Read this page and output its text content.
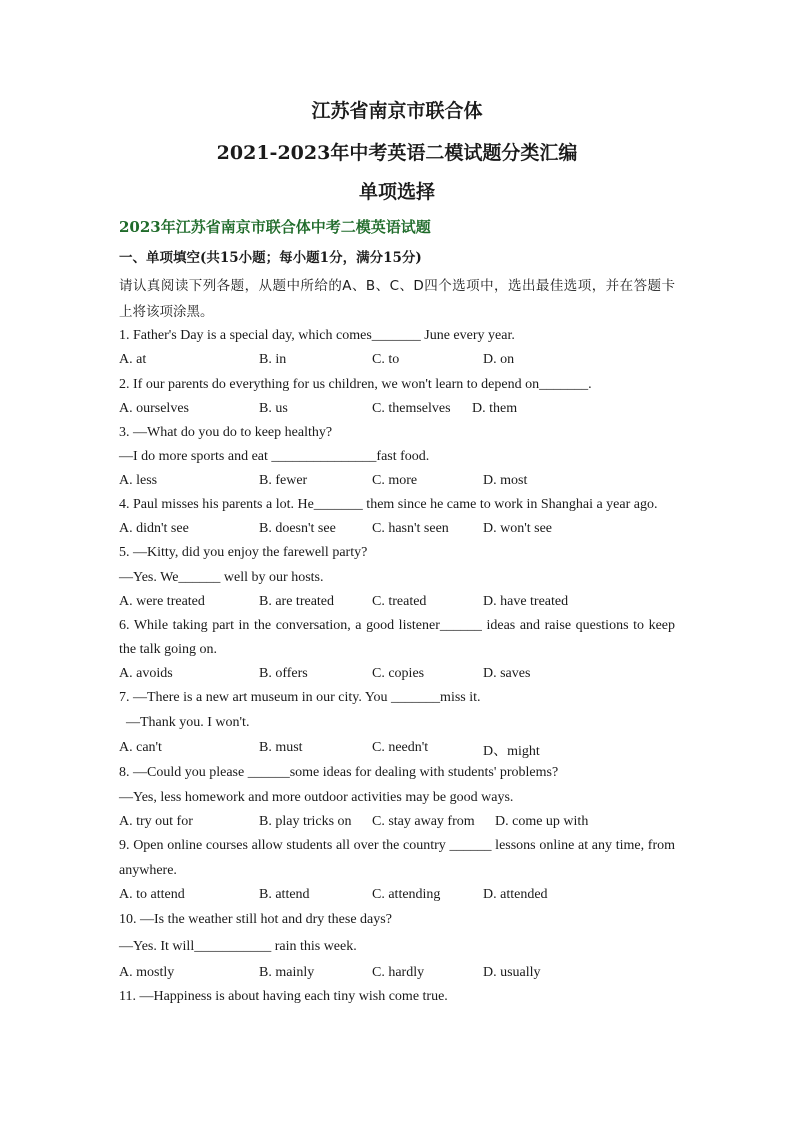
江苏省南京市联合体
2021-2023年中考英语二模试题分类汇编
单项选择
2023年江苏省南京市联合体中考二模英语试题
一、单项填空(共15小题；每小题1分，满分15分)
请认真阅读下列各题，从题中所给的A、B、C、D四个选项中，选出最佳选项，并在答题卡
上将该项涂黑。
1. Father's Day is a special day, which comes_______ June every year.
A. at	B. in	C. to	D. on
2. If our parents do everything for us children, we won't learn to depend on_______.
A. ourselves	B. us	C. themselves D. them
3. —What do you do to keep healthy?
—I do more sports and eat _______________fast food.
A. less	B. fewer	C. more	D. most
4. Paul misses his parents a lot. He_______ them since he came to work in Shanghai a year ago.
A. didn't see	B. doesn't see	C. hasn't seen D. won't see
5. —Kitty, did you enjoy the farewell party?
—Yes. We______ well by our hosts.
A. were treated	B. are treated	C. treated	D. have treated
6. While taking part in the conversation, a good listener______ ideas and raise questions to keep
the talk going on.
A. avoids	B. offers	C. copies	D. saves
7. —There is a new art museum in our city. You _______miss it.
—Thank you. I won't.
A. can't	B. must	C. needn't	D、might
8. —Could you please ______some ideas for dealing with students' problems?
—Yes, less homework and more outdoor activities may be good ways.
A. try out for	B. play tricks on C. stay away from D. come up with
9. Open online courses allow students all over the country ______ lessons online at any time, from
anywhere.
A. to attend	B. attend	C. attending	D. attended
10. —Is the weather still hot and dry these days?
—Yes. It will___________ rain this week.
A. mostly	B. mainly	C. hardly	D. usually
11. —Happiness is about having each tiny wish come true.
